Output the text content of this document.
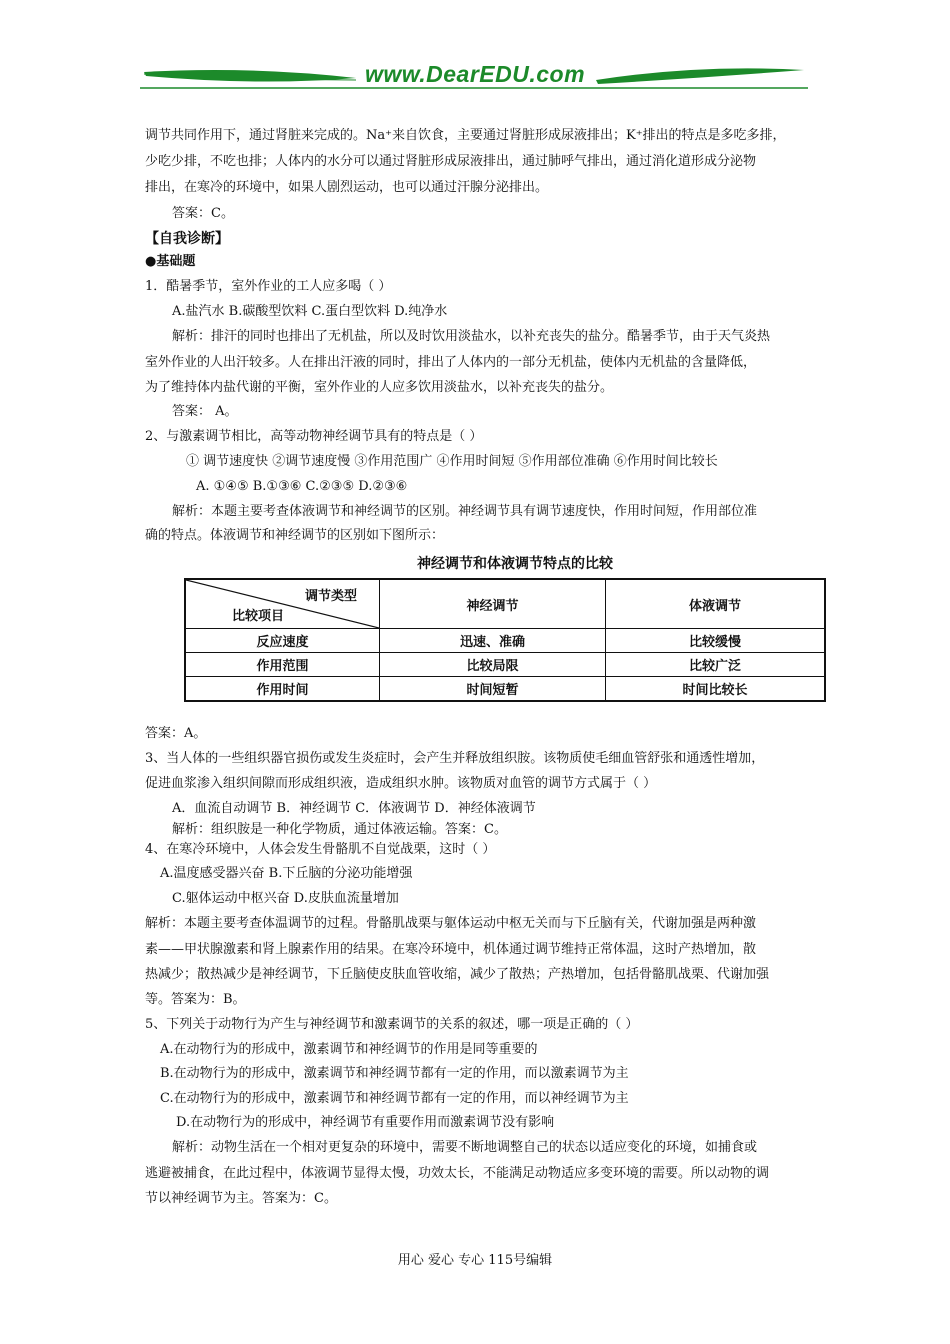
www.DearEDU.com
调节共同作用下，通过肾脏来完成的。Na⁺来自饮食，主要通过肾脏形成尿液排出；K⁺排出的特点是多吃多排，
少吃少排，不吃也排；人体内的水分可以通过肾脏形成尿液排出，通过肺呼气排出，通过消化道形成分泌物
排出，在寒冷的环境中，如果人剧烈运动，也可以通过汗腺分泌排出。
答案：C。
【自我诊断】
●基础题
1．酷暑季节，室外作业的工人应多喝（ ）
A.盐汽水 B.碳酸型饮料 C.蛋白型饮料 D.纯净水
解析：排汗的同时也排出了无机盐，所以及时饮用淡盐水，以补充丧失的盐分。酷暑季节，由于天气炎热
室外作业的人出汗较多。人在排出汗液的同时，排出了人体内的一部分无机盐，使体内无机盐的含量降低，
为了维持体内盐代谢的平衡，室外作业的人应多饮用淡盐水，以补充丧失的盐分。
答案： A。
2、与激素调节相比，高等动物神经调节具有的特点是（ ）
① 调节速度快 ②调节速度慢 ③作用范围广 ④作用时间短 ⑤作用部位准确 ⑥作用时间比较长
A. ①④⑤ B.①③⑥ C.②③⑤ D.②③⑥
解析：本题主要考查体液调节和神经调节的区别。神经调节具有调节速度快，作用时间短，作用部位准
确的特点。体液调节和神经调节的区别如下图所示：
神经调节和体液调节特点的比较
调节类型
比较项目	神经调节	体液调节
反应速度	迅速、准确	比较缓慢
作用范围	比较局限	比较广泛
作用时间	时间短暂	时间比较长
答案：A。
3、当人体的一些组织器官损伤或发生炎症时，会产生并释放组织胺。该物质使毛细血管舒张和通透性增加，
促进血浆渗入组织间隙而形成组织液，造成组织水肿。该物质对血管的调节方式属于（ ）
A．血流自动调节 B．神经调节 C．体液调节 D．神经体液调节
解析：组织胺是一种化学物质，通过体液运输。答案：C。
4、在寒冷环境中，人体会发生骨骼肌不自觉战栗，这时（ ）
A.温度感受器兴奋 B.下丘脑的分泌功能增强
C.躯体运动中枢兴奋 D.皮肤血流量增加
解析：本题主要考查体温调节的过程。骨骼肌战栗与躯体运动中枢无关而与下丘脑有关，代谢加强是两种激
素——甲状腺激素和肾上腺素作用的结果。在寒冷环境中，机体通过调节维持正常体温，这时产热增加，散
热减少；散热减少是神经调节，下丘脑使皮肤血管收缩，减少了散热；产热增加，包括骨骼肌战栗、代谢加强
等。答案为：B。
5、下列关于动物行为产生与神经调节和激素调节的关系的叙述，哪一项是正确的（ ）
A.在动物行为的形成中，激素调节和神经调节的作用是同等重要的
B.在动物行为的形成中，激素调节和神经调节都有一定的作用，而以激素调节为主
C.在动物行为的形成中，激素调节和神经调节都有一定的作用，而以神经调节为主
D.在动物行为的形成中，神经调节有重要作用而激素调节没有影响
解析：动物生活在一个相对更复杂的环境中，需要不断地调整自己的状态以适应变化的环境，如捕食或
逃避被捕食，在此过程中，体液调节显得太慢，功效太长，不能满足动物适应多变环境的需要。所以动物的调
节以神经调节为主。答案为：C。
用心 爱心 专心 115号编辑
